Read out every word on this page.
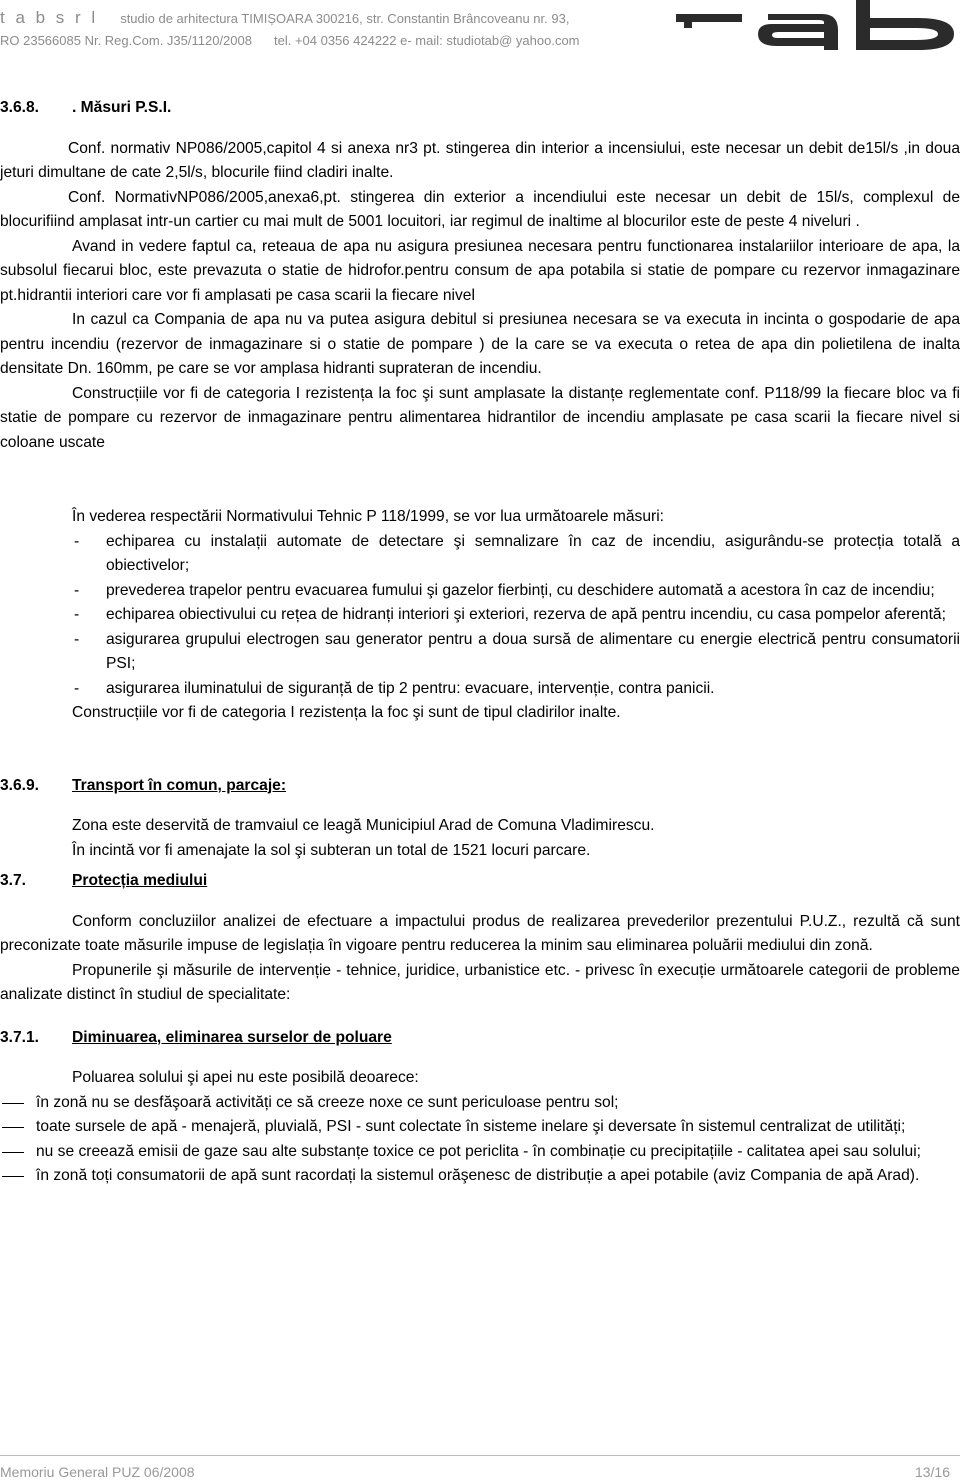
t a b s r l studio de arhitectura TIMIȘOARA 300216, str. Constantin Brâncoveanu nr. 93,
RO 23566085 Nr. Reg.Com. J35/1120/2008 tel. +04 0356 424222 e- mail: studiotab@ yahoo.com
3.6.8.	. Măsuri P.S.I.

Conf. normativ NP086/2005,capitol 4 si anexa nr3 pt. stingerea din interior a incensiului, este necesar un debit de15l/s ,in doua jeturi dimultane de cate 2,5l/s, blocurile fiind cladiri inalte.

Conf. NormativNP086/2005,anexa6,pt. stingerea din exterior a incendiului este necesar un debit de 15l/s, complexul de blocurifiind amplasat intr-un cartier cu mai mult de 5001 locuitori, iar regimul de inaltime al blocurilor este de peste 4 niveluri .

Avand in vedere faptul ca, reteaua de apa nu asigura presiunea necesara pentru functionarea instalariilor interioare de apa, la subsolul fiecarui bloc, este prevazuta o statie de hidrofor.pentru consum de apa potabila si statie de pompare cu rezervor inmagazinare pt.hidrantii interiori care vor fi amplasati pe casa scarii la fiecare nivel

In cazul ca Compania de apa nu va putea asigura debitul si presiunea necesara se va executa in incinta o gospodarie de apa pentru incendiu (rezervor de inmagazinare si o statie de pompare ) de la care se va executa o retea de apa din polietilena de inalta densitate Dn. 160mm, pe care se vor amplasa hidranti suprateran de incendiu.

Construcțiile vor fi de categoria I rezistența la foc şi sunt amplasate la distanțe reglementate conf. P118/99 la fiecare bloc va fi statie de pompare cu rezervor de inmagazinare pentru alimentarea hidrantilor de incendiu amplasate pe casa scarii la fiecare nivel si coloane uscate

În vederea respectării Normativului Tehnic P 118/1999, se vor lua următoarele măsuri:

- echiparea cu instalații automate de detectare şi semnalizare în caz de incendiu, asigurându-se protecția totală a obiectivelor;
- prevederea trapelor pentru evacuarea fumului şi gazelor fierbinți, cu deschidere automată a acestora în caz de incendiu;
- echiparea obiectivului cu rețea de hidranți interiori şi exteriori, rezerva de apă pentru incendiu, cu casa pompelor aferentă;
- asigurarea grupului electrogen sau generator pentru a doua sursă de alimentare cu energie electrică pentru consumatorii PSI;
- asigurarea iluminatului de siguranță de tip 2 pentru: evacuare, intervenție, contra panicii.

Construcțiile vor fi de categoria I rezistența la foc şi sunt de tipul cladirilor inalte.

3.6.9.	Transport în comun, parcaje:

Zona este deservită de tramvaiul ce leagă Municipiul Arad de Comuna Vladimirescu.

În incintă vor fi amenajate la sol şi subteran un total de 1521 locuri parcare.

3.7.	Protecția mediului

Conform concluziilor analizei de efectuare a impactului produs de realizarea prevederilor prezentului P.U.Z., rezultă că sunt preconizate toate măsurile impuse de legislația în vigoare pentru reducerea la minim sau eliminarea poluării mediului din zonă.

Propunerile şi măsurile de intervenție - tehnice, juridice, urbanistice etc. - privesc în execuție următoarele categorii de probleme analizate distinct în studiul de specialitate:

3.7.1.	Diminuarea, eliminarea surselor de poluare

Poluarea solului şi apei nu este posibilă deoarece:

în zonă nu se desfăşoară activități ce să creeze noxe ce sunt periculoase pentru sol;
toate sursele de apă - menajeră, pluvială, PSI - sunt colectate în sisteme inelare şi deversate în sistemul centralizat de utilități;
nu se creează emisii de gaze sau alte substanțe toxice ce pot periclita - în combinație cu precipitațiile - calitatea apei sau solului;
în zonă toți consumatorii de apă sunt racordați la sistemul orăşenesc de distribuție a apei potabile (aviz Compania de apă Arad).
Memoriu General PUZ 06/2008	13/16
